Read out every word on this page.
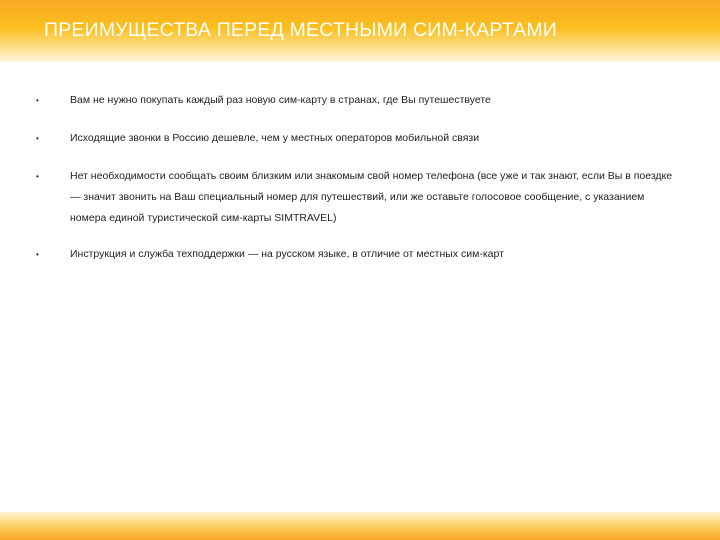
ПРЕИМУЩЕСТВА ПЕРЕД МЕСТНЫМИ СИМ-КАРТАМИ
•	Вам не нужно покупать каждый раз новую сим-карту в странах, где Вы путешествуете
•	Исходящие звонки в Россию дешевле, чем у местных операторов мобильной связи
•	Нет необходимости сообщать своим близким или знакомым свой номер телефона (все уже и так знают, если Вы в поездке — значит звонить на Ваш специальный номер для путешествий, или же оставьте голосовое сообщение, с указанием номера единой туристической сим-карты SIMTRAVEL)
•	Инструкция и служба техподдержки — на русском языке, в отличие от местных сим-карт
